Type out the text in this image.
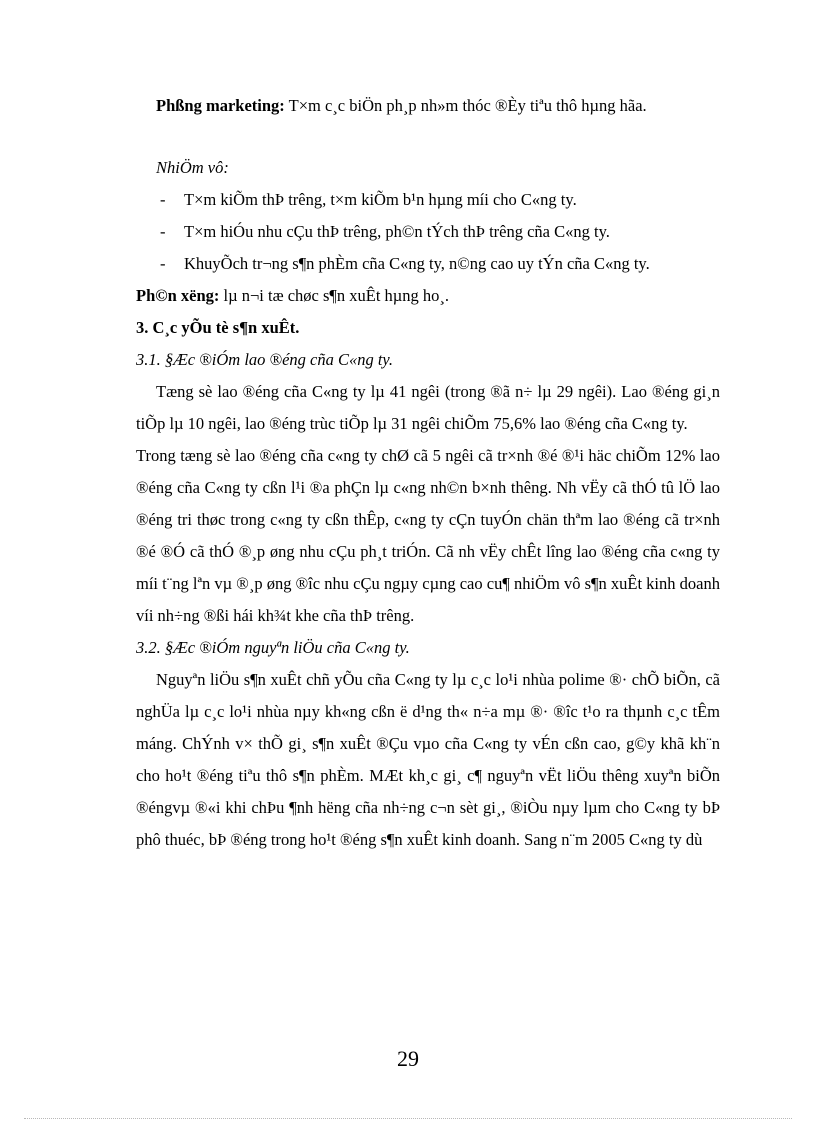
Phßng marketing: T×m c¸c biÖn ph¸p nh»m thóc ®Èy tiªu thô hµng hãa.

NhiÖm vô:

- T×m kiÕm thÞ trêng, t×m kiÕm b¹n hµng míi cho C«ng ty.
- T×m hiÓu nhu cÇu thÞ trêng, ph©n tÝch thÞ trêng cña C«ng ty.
- KhuyÕch tr¬ng s¶n phÈm cña C«ng ty, n©ng cao uy tÝn cña C«ng ty.

Ph©n xëng: lµ n¬i tæ chøc s¶n xuÊt hµng ho¸.

3. C¸c yÕu tè s¶n xuÊt.

3.1. §Æc ®iÓm lao ®éng cña C«ng ty.

Tæng sè lao ®éng cña C«ng ty lµ 41 ngêi (trong ®ã n÷ lµ 29 ngêi). Lao ®éng gi¸n tiÕp lµ 10 ngêi, lao ®éng trùc tiÕp lµ 31 ngêi chiÕm 75,6% lao ®éng cña C«ng ty.

Trong tæng sè lao ®éng cña c«ng ty chØ cã 5 ngêi cã tr×nh ®é ®¹i häc chiÕm 12% lao ®éng cña C«ng ty cßn l¹i ®a phÇn lµ c«ng nh©n b×nh thêng. Nh vËy cã thÓ tû lÖ lao ®éng tri thøc trong c«ng ty cßn thÊp, c«ng ty cÇn tuyÓn chän thªm lao ®éng cã tr×nh ®é ®Ó cã thÓ ®¸p øng nhu cÇu ph¸t triÓn. Cã nh vËy chÊt lîng lao ®éng cña c«ng ty míi t¨ng lªn vµ ®¸p øng ®îc nhu cÇu ngµy cµng cao cu¶ nhiÖm vô s¶n xuÊt kinh doanh víi nh÷ng ®ßi hái kh¾t khe cña thÞ trêng.

3.2. §Æc ®iÓm nguyªn liÖu cña C«ng ty.

Nguyªn liÖu s¶n xuÊt chñ yÕu cña C«ng ty lµ c¸c lo¹i nhùa polime ®· chÕ biÕn, cã nghÜa lµ c¸c lo¹i nhùa nµy kh«ng cßn ë d¹ng th« n÷a mµ ®· ®îc t¹o ra thµnh c¸c tÊm máng. ChÝnh v× thÕ gi¸ s¶n xuÊt ®Çu vµo cña C«ng ty vÉn cßn cao, g©y khã kh¨n cho ho¹t ®éng tiªu thô s¶n phÈm. MÆt kh¸c gi¸ c¶ nguyªn vËt liÖu thêng xuyªn biÕn ®éngvµ ®«i khi chÞu ¶nh hëng cña nh÷ng c¬n sèt gi¸, ®iÒu nµy lµm cho C«ng ty bÞ phô thuéc, bÞ ®éng trong ho¹t ®éng s¶n xuÊt kinh doanh. Sang n¨m 2005 C«ng ty dù

29
